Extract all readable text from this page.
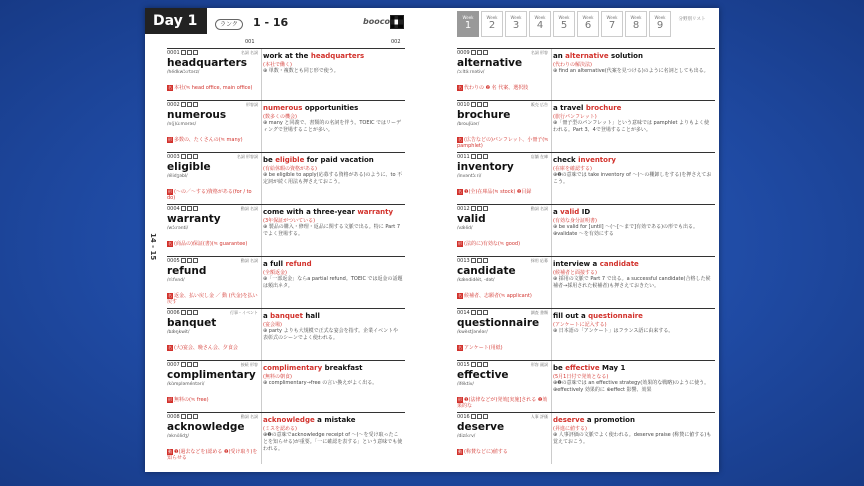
Day 1	ランク	1 - 16	booco
001	002
14 - 15
0001	名詞 名詞
headquarters
/hédkwɔ̀ːrtərz/
名 本社(≒ head office, main office)
work at the headquarters
(本社で働く)
⊕ 単数・複数とも同じ形で使う。
0002	形容詞
numerous
/n(j)úːmərəs/
形 多数の、たくさんの(≒ many)
numerous opportunities
(数多くの機会)
⊕ many と同義で、書類的の名詞を伴う。TOEIC ではリーディングで登場することが多い。
0003	名詞 形容詞
eligible
/élidʒəbl/
形 (〜の／〜する)資格がある(for / to do)
be eligible for paid vacation
(有給休暇の資格がある)
⊕ be eligible to apply(応募する資格がある)のように、to 不定詞が続く用法も押さえておこう。
0004	動詞 名詞
warranty
/wɔ́ːrənti/
名 (商品の)保証(書)(≒ guarantee)
come with a three-year warranty
(3年保証がついている)
⊕ 製品の購入・修理・返品に関する文脈で出る。特に Part 7 でよく登場する。
0005	動詞 名詞
refund
/ríːfʌnd/
名 返金、払い戻し金 ／ 動 (代金)を払い戻す
a full refund
(全額返金)
⊕「一部返金」ならa partial refund。TOEIC では返金の話題は頻出ネタ。
0006	行事・イベント
banquet
/bǽŋkwit/
名 (大)宴会、晩さん会、夕食会
a banquet hall
(宴会場)
⊕ party よりも大規模で正式な宴会を指す。企業イベントや表彰式のシーンでよく使われる。
0007	接続 形容
complimentary
/kɑ̀mpləméntəri/
形 無料の(≒ free)
complimentary breakfast
(無料の朝食)
⊕ complimentary→free の言い換えがよく出る。
0008	動詞 名詞
acknowledge
/əknɑ́lidʒ/
動 ❶(過去などを)認める ❷(受け取り)を知らせる
acknowledge a mistake
(ミスを認める)
⊕❷の意味でacknowledge receipt of 〜(〜を受け取ったことを知らせる)が重要。「一に確認を表する」という意味でも使われる。
Week
1
Week
2
Week
3
Week
4
Week
5
Week
6
Week
7
Week
8
Week
9
分野別リスト
0009	名詞 形容
alternative
/ɔːltə́ːrnətiv/
名 代わりの ❷ 名 代案、選択肢
an alternative solution
(代わりの解決法)
⊕ find an alternative(代案を見つける)のように名詞としても出る。
0010	販売 広告
brochure
/brouʃúər/
名 (広告などの)パンフレット、小冊子(≒ pamphlet)
a travel brochure
(旅行パンフレット)
⊕「冊子型のパンフレット」という意味では pamphlet よりもよく使われる。Part 3、4で登場することが多い。
0011	店舗 在庫
inventory
/ínvəntɔ̀ːri/
名 ❶(全)在庫品(≒ stock) ❷目録
check inventory
(在庫を確認する)
⊕❷の意味では take inventory of 〜(〜の棚卸しをする)を押さえておこう。
0012	動詞 名詞
valid
/vǽlid/
形 (法的に)有効な(≒ good)
a valid ID
(有効な身分証明書)
⊕ be valid for [until] 〜(〜[〜まで]有効である)の形でも出る。 ⊕validate 〜を有効にする
0013	採用 応募
candidate
/kǽndidèit, -dət/
名 候補者、志願者(≒ applicant)
interview a candidate
(候補者と面接する)
⊕ 採用の文脈で Part 7 で出る。a successful candidate(合格した候補者→採用された候補者)も押さえておきたい。
0014	調査 書類
questionnaire
/kwèstʃənéər/
名 アンケート(用紙)
fill out a questionnaire
(アンケートに記入する)
⊕ 日本語の「アンケート」はフランス語に由来する。
0015	形容 副詞
effective
/iféktiv/
形 ❶(法律などが)発効[実施]される ❷効果的な
be effective May 1
(5月1日付で発効となる)
⊕❷の意味では an effective strategy(効果的な戦略)のように使う。 ⊕effectively 効果的に ⊕effect 影響、効果
0016	人事 評価
deserve
/dizə́ːrv/
動 (称賛などに)値する
deserve a promotion
(昇進に値する)
⊕ 人事評価の文脈でよく使われる。deserve praise (称賛に値する)も覚えておこう。
